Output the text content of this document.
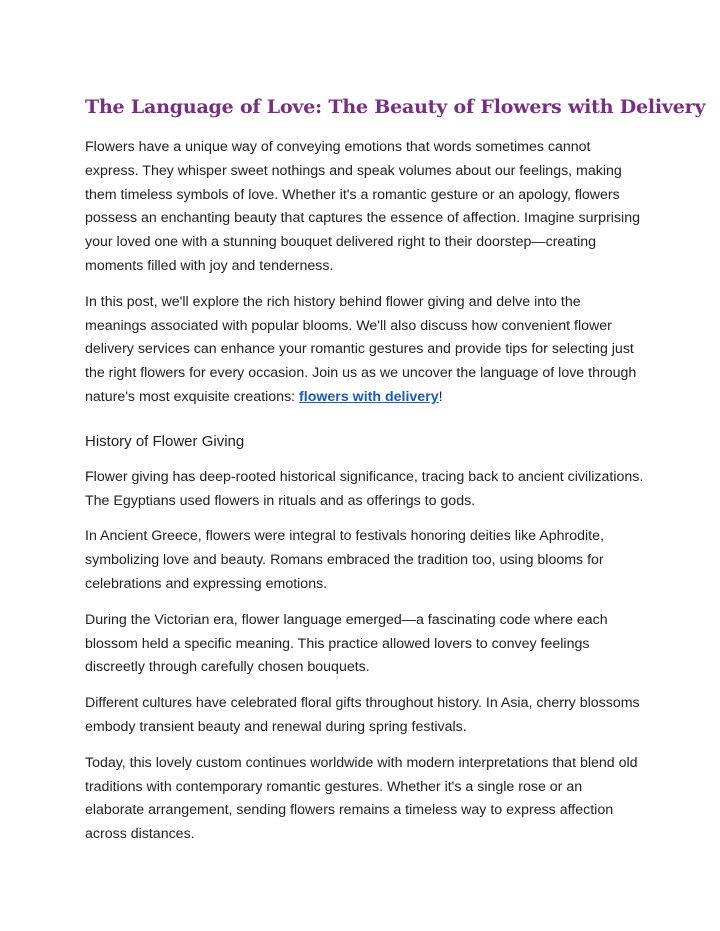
The Language of Love: The Beauty of Flowers with Delivery

Flowers have a unique way of conveying emotions that words sometimes cannot express. They whisper sweet nothings and speak volumes about our feelings, making them timeless symbols of love. Whether it's a romantic gesture or an apology, flowers possess an enchanting beauty that captures the essence of affection. Imagine surprising your loved one with a stunning bouquet delivered right to their doorstep—creating moments filled with joy and tenderness.

In this post, we'll explore the rich history behind flower giving and delve into the meanings associated with popular blooms. We'll also discuss how convenient flower delivery services can enhance your romantic gestures and provide tips for selecting just the right flowers for every occasion. Join us as we uncover the language of love through nature's most exquisite creations: flowers with delivery!

History of Flower Giving

Flower giving has deep-rooted historical significance, tracing back to ancient civilizations. The Egyptians used flowers in rituals and as offerings to gods.

In Ancient Greece, flowers were integral to festivals honoring deities like Aphrodite, symbolizing love and beauty. Romans embraced the tradition too, using blooms for celebrations and expressing emotions.

During the Victorian era, flower language emerged—a fascinating code where each blossom held a specific meaning. This practice allowed lovers to convey feelings discreetly through carefully chosen bouquets.

Different cultures have celebrated floral gifts throughout history. In Asia, cherry blossoms embody transient beauty and renewal during spring festivals.

Today, this lovely custom continues worldwide with modern interpretations that blend old traditions with contemporary romantic gestures. Whether it's a single rose or an elaborate arrangement, sending flowers remains a timeless way to express affection across distances.
